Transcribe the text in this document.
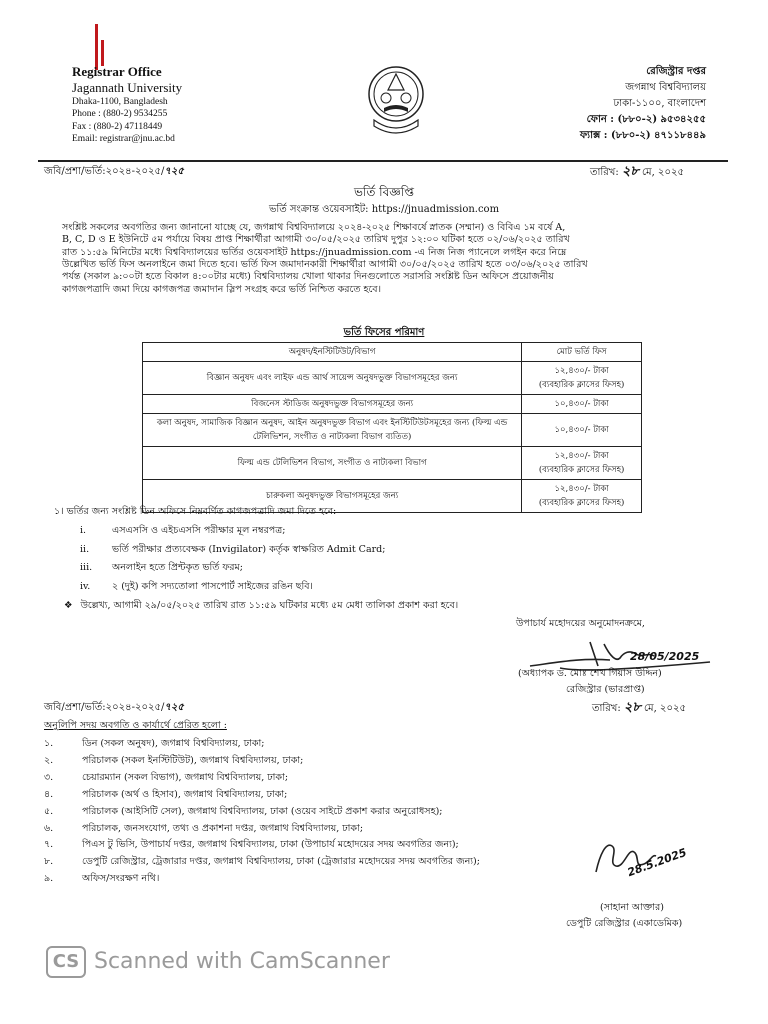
Registrar Office
Jagannath University
Dhaka-1100, Bangladesh
Phone : (880-2) 9534255
Fax : (880-2) 47118449
Email: registrar@jnu.ac.bd
রেজিস্ট্রার দপ্তর
জগন্নাথ বিশ্ববিদ্যালয়
ঢাকা-১১০০, বাংলাদেশ
ফোন : (৮৮০-২) ৯৫৩৪২৫৫
ফ্যাক্স : (৮৮০-২) ৪৭১১৮৪৪৯
জবি/প্রশা/ভর্তি:২০২৪-২০২৫/৭২৫	তারিখ: ২৮ মে, ২০২৫
ভর্তি বিজ্ঞপ্তি
ভর্তি সংক্রান্ত ওয়েবসাইট: https://jnuadmission.com
সংশ্লিষ্ট সকলের অবগতির জন্য জানানো যাচ্ছে যে, জগন্নাথ বিশ্ববিদ্যালয়ে ২০২৪-২০২৫ শিক্ষাবর্ষে স্নাতক (সম্মান) ও বিবিএ ১ম বর্ষে A,
B, C, D ও E ইউনিটে ৫ম পর্যায়ে বিষয় প্রাপ্ত শিক্ষার্থীরা আগামী ৩০/০৫/২০২৫ তারিখ দুপুর ১২:০০ ঘটিকা হতে ০২/০৬/২০২৫ তারিখ
রাত ১১:৫৯ মিনিটের মধ্যে বিশ্ববিদ্যালয়ের ভর্তির ওয়েবসাইট https://jnuadmission.com -এ নিজ নিজ প্যানেলে লগইন করে নিম্নে
উল্লেখিত ভর্তি ফিস অনলাইনে জমা দিতে হবে। ভর্তি ফিস জমাদানকারী শিক্ষার্থীরা আগামী ৩০/০৫/২০২৫ তারিখ হতে ০৩/০৬/২০২৫ তারিখ
পর্যন্ত (সকাল ৯:০০টা হতে বিকাল ৪:০০টার মধ্যে) বিশ্ববিদ্যালয় খোলা থাকার দিনগুলোতে সরাসরি সংশ্লিষ্ট ডিন অফিসে প্রয়োজনীয়
কাগজপত্রাদি জমা দিয়ে কাগজপত্র জমাদান স্লিপ সংগ্রহ করে ভর্তি নিশ্চিত করতে হবে।
ভর্তি ফিসের পরিমাণ
অনুষদ/ইনস্টিটিউট/বিভাগ	মোট ভর্তি ফিস
বিজ্ঞান অনুষদ এবং লাইফ এন্ড আর্থ সায়েন্স অনুষদভুক্ত বিভাগসমূহের জন্য	১২,৪৩০/- টাকা
(ব্যবহারিক ক্লাসের ফিসহ)

বিজনেস স্টাডিজ অনুষদভুক্ত বিভাগসমূহের জন্য	১০,৪৩০/- টাকা

কলা অনুষদ, সামাজিক বিজ্ঞান অনুষদ, আইন অনুষদভুক্ত বিভাগ এবং ইনস্টিটিউটসমূহের জন্য (ফিল্ম এন্ড টেলিভিশন, সংগীত ও নাট্যকলা বিভাগ ব্যতিত)	১০,৪৩০/- টাকা

ফিল্ম এন্ড টেলিভিশন বিভাগ, সংগীত ও নাট্যকলা বিভাগ	১২,৪৩০/- টাকা
(ব্যবহারিক ক্লাসের ফিসহ)

চারুকলা অনুষদভুক্ত বিভাগসমূহের জন্য	১২,৪৩০/- টাকা
(ব্যবহারিক ক্লাসের ফিসহ)
১। ভর্তির জন্য সংশ্লিষ্ট ডিন অফিসে নিম্নবর্ণিত কাগজপত্রাদি জমা দিতে হবে:
i.	এসএসসি ও এইচএসসি পরীক্ষার মূল নম্বরপত্র;
ii. ভর্তি পরীক্ষার প্রত্যবেক্ষক (Invigilator) কর্তৃক স্বাক্ষরিত Admit Card;
iii. অনলাইন হতে প্রিন্টকৃত ভর্তি ফরম;
iv. ২ (দুই) কপি সদ্যতোলা পাসপোর্ট সাইজের রঙিন ছবি।
❖ উল্লেখ্য, আগামী ২৯/০৫/২০২৫ তারিখ রাত ১১:৫৯ ঘটিকার মধ্যে ৫ম মেধা তালিকা প্রকাশ করা হবে।
উপাচার্য মহোদয়ের অনুমোদনক্রমে,
28/05/2025
(অধ্যাপক ড. মোঃ শেখ গিয়াস উদ্দিন)
রেজিস্ট্রার (ভারপ্রাপ্ত)
জবি/প্রশা/ভর্তি:২০২৪-২০২৫/৭২৫	তারিখ: ২৮ মে, ২০২৫
অনুলিপি সদয় অবগতি ও কার্যার্থে প্রেরিত হলো :
১.	ডিন (সকল অনুষদ), জগন্নাথ বিশ্ববিদ্যালয়, ঢাকা;
২.	পরিচালক (সকল ইনস্টিটিউট), জগন্নাথ বিশ্ববিদ্যালয়, ঢাকা;
৩.	চেয়ারম্যান (সকল বিভাগ), জগন্নাথ বিশ্ববিদ্যালয়, ঢাকা;
৪.	পরিচালক (অর্থ ও হিসাব), জগন্নাথ বিশ্ববিদ্যালয়, ঢাকা;
৫.	পরিচালক (আইসিটি সেল), জগন্নাথ বিশ্ববিদ্যালয়, ঢাকা (ওয়েব সাইটে প্রকাশ করার অনুরোধসহ);
৬.	পরিচালক, জনসংযোগ, তথ্য ও প্রকাশনা দপ্তর, জগন্নাথ বিশ্ববিদ্যালয়, ঢাকা;
৭.	পিএস টু ভিসি, উপাচার্য দপ্তর, জগন্নাথ বিশ্ববিদ্যালয়, ঢাকা (উপাচার্য মহোদয়ের সদয় অবগতির জন্য);
৮.	ডেপুটি রেজিস্ট্রার, ট্রেজারার দপ্তর, জগন্নাথ বিশ্ববিদ্যালয়, ঢাকা (ট্রেজারার মহোদয়ের সদয় অবগতির জন্য);
৯.	অফিস/সংরক্ষণ নথি।	28.5.2025
(সাহানা আক্তার)
ডেপুটি রেজিস্ট্রার (একাডেমিক)
CS Scanned with CamScanner
